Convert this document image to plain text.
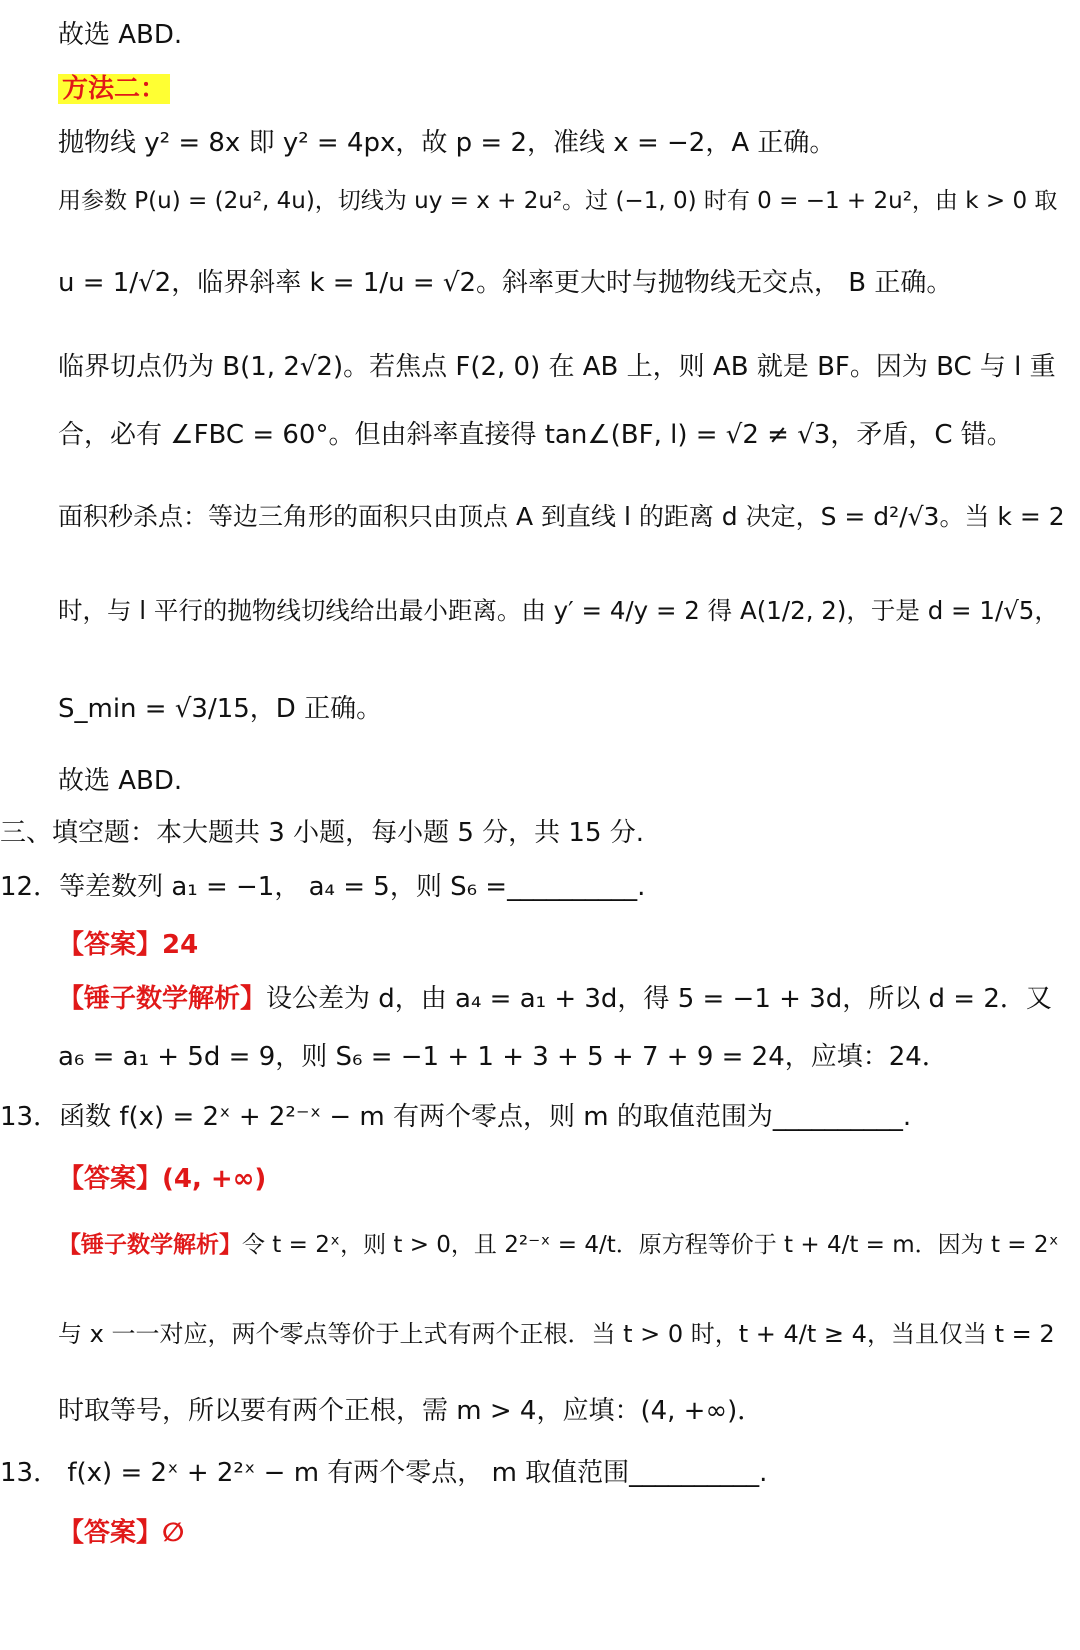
故选 ABD.
方法二：
抛物线 y² = 8x 即 y² = 4px，故 p = 2，准线 x = −2，A 正确。
用参数 P(u) = (2u², 4u)，切线为 uy = x + 2u²。过 (−1, 0) 时有 0 = −1 + 2u²，由 k > 0 取
u = 1/√2，临界斜率 k = 1/u = √2。斜率更大时与抛物线无交点， B 正确。
临界切点仍为 B(1, 2√2)。若焦点 F(2, 0) 在 AB 上，则 AB 就是 BF。因为 BC 与 l 重
合，必有 ∠FBC = 60°。但由斜率直接得 tan∠(BF, l) = √2 ≠ √3，矛盾，C 错。
面积秒杀点：等边三角形的面积只由顶点 A 到直线 l 的距离 d 决定，S = d²/√3。当 k = 2
时，与 l 平行的抛物线切线给出最小距离。由 y′ = 4/y = 2 得 A(1/2, 2)，于是 d = 1/√5，
S_min = √3/15，D 正确。
故选 ABD.
三、填空题：本大题共 3 小题，每小题 5 分，共 15 分.
12．等差数列 a₁ = −1， a₄ = 5，则 S₆ =__________.
【答案】24
【锤子数学解析】设公差为 d，由 a₄ = a₁ + 3d，得 5 = −1 + 3d，所以 d = 2．又
a₆ = a₁ + 5d = 9，则 S₆ = −1 + 1 + 3 + 5 + 7 + 9 = 24，应填：24．
13．函数 f(x) = 2ˣ + 2²⁻ˣ − m 有两个零点，则 m 的取值范围为__________.
【答案】(4, +∞)
【锤子数学解析】令 t = 2ˣ，则 t > 0，且 2²⁻ˣ = 4/t．原方程等价于 t + 4/t = m．因为 t = 2ˣ
与 x 一一对应，两个零点等价于上式有两个正根．当 t > 0 时，t + 4/t ≥ 4，当且仅当 t = 2
时取等号，所以要有两个正根，需 m > 4，应填：(4, +∞)．
13． f(x) = 2ˣ + 2²ˣ − m 有两个零点， m 取值范围__________.
【答案】∅
